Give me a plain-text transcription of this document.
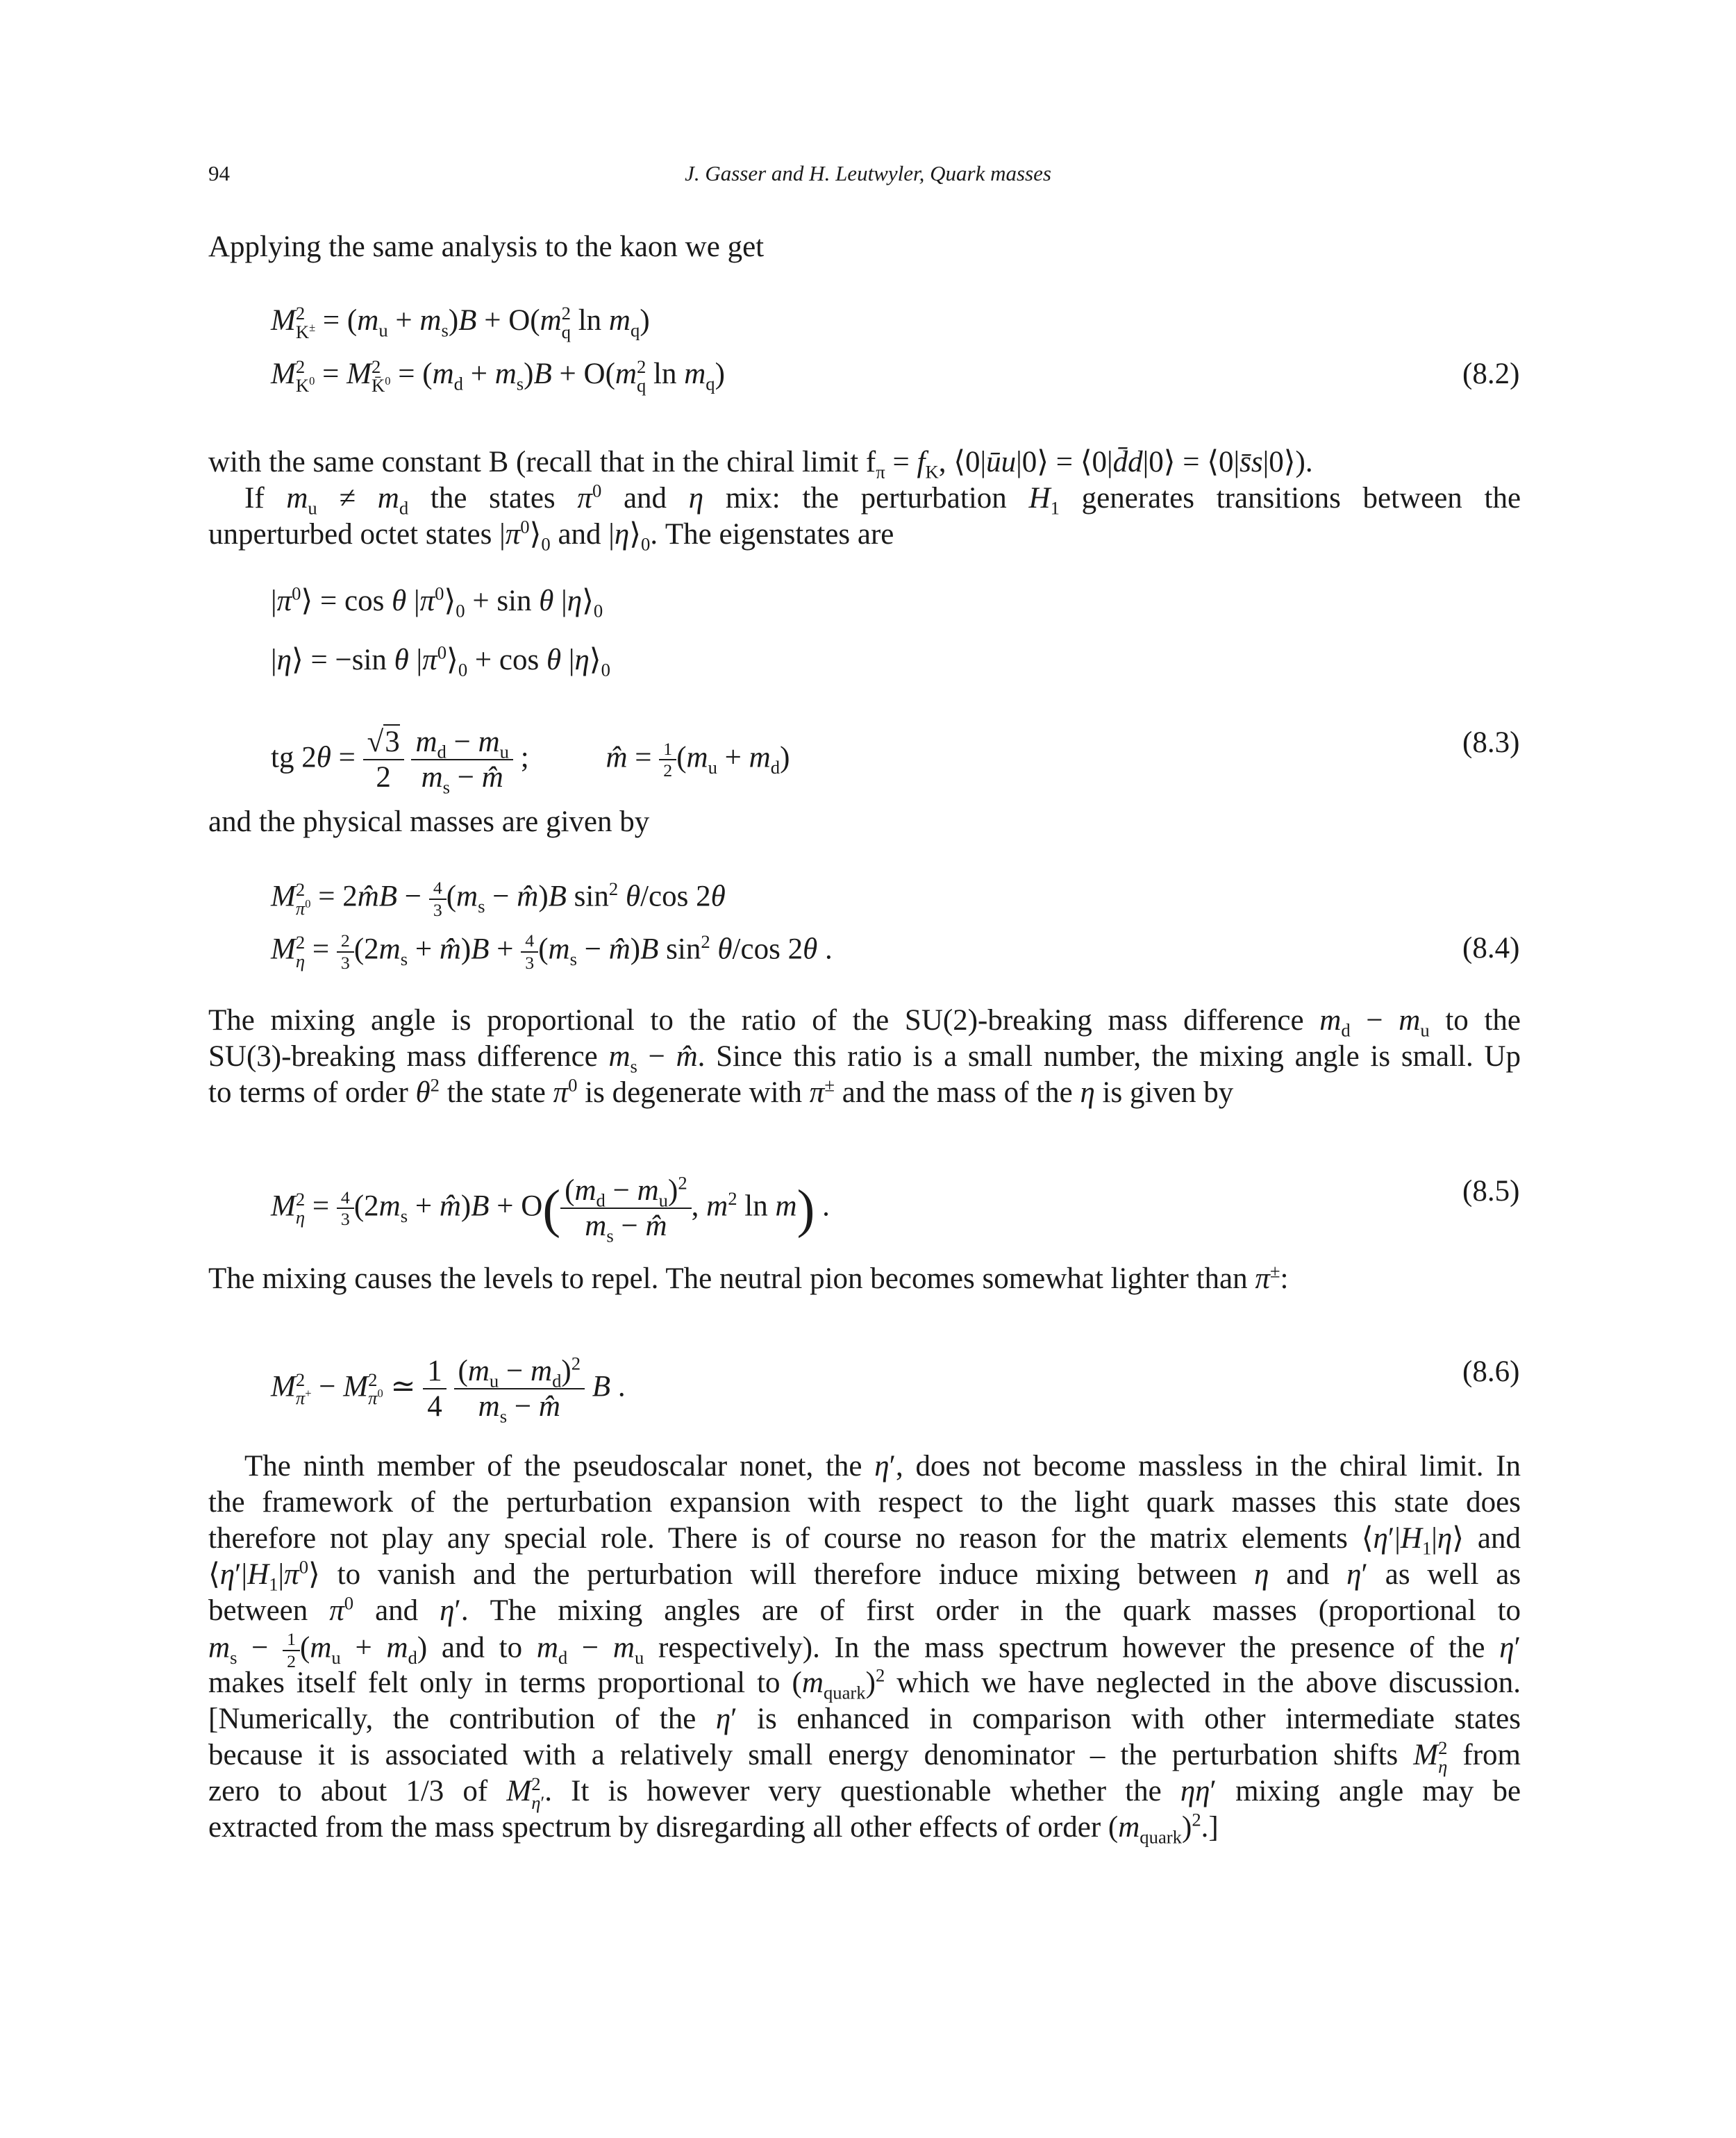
94	J. Gasser and H. Leutwyler, Quark masses
Applying the same analysis to the kaon we get
M 2
$K^\pm = (m_u + m_s)B + O(m$ 2
q $\ln m_q$)
M 2
$K^0 = M$ 2
K̄$^0$ = $(m_d + m_s)B + O(m$ 2
q $\ln m_q$)	(8.2)
with the same constant B (recall that in the chiral limit $f_\pi = f_K$, ⟨0|ūu|0⟩ = ⟨0|d̄d|0⟩ = ⟨0|s̄s|0⟩).
If $m_u \ne m_d$ the states $\pi^0$ and η mix: the perturbation $H_1$ generates transitions between the
unperturbed octet states $|\pi^0⟩_0$ and $|\eta⟩_0$. The eigenstates are
$|\pi^0⟩ = \cos \theta$ $|\pi^0⟩_0 + \sin \theta$ $|\eta⟩_0$
|η⟩ = −sin θ $|\pi^0⟩_0 + \cos \theta$ $|\eta⟩_0$
tg $2\theta = \frac{√3}{2}$
$\frac{m_d - m_u}{m_s - m̂}$ ; m̂ = $\frac{1}{2} (m_u + m_d)$	(8.3)
and the physical masses are given by
M 2
$\pi^0$ = 2m̂B − $\frac{4}{3} (m_s$ − m̂)B $\sin^2 \theta/\cos$ 2θ
M 2
$\eta = \frac{2}{3} (2m_s$ + m̂)B + $\frac{4}{3} (m_s$ − m̂)B $\sin^2 \theta/\cos$ 2θ .	(8.4)
The mixing angle is proportional to the ratio of the SU(2)-breaking mass difference $m_d - m_u$ to the
SU(3)-breaking mass difference $m_s$ − m̂. Since this ratio is a small number, the mixing angle is small. Up
to terms of order $\theta^2$ the state $\pi^0$ is degenerate with π± and the mass of the η is given by
M 2
$\eta = \frac{4}{3} (2m_s$ + m̂)B + $O( \frac{(m_d - m_u)^2}{m_s - m̂}$ , $m^2$ ln m) .	(8.5)
The mixing causes the levels to repel. The neutral pion becomes somewhat lighter than π±:
M 2
π+ − M 2
$\pi^0$ ≃ $\frac{1}{4}$
$\frac{(m_u - m_d)^2}{m_s - m̂}$ B .	(8.6)
The ninth member of the pseudoscalar nonet, the η′, does not become massless in the chiral limit. In
the framework of the perturbation expansion with respect to the light quark masses this state does
therefore not play any special role. There is of course no reason for the matrix elements $⟨\eta'|H_1|\eta⟩$ and
$⟨\eta'|H_1|\pi^0⟩$ to vanish and the perturbation will therefore induce mixing between η and η′ as well as
between $\pi^0$ and η′. The mixing angles are of first order in the quark masses (proportional to
$m_s - \frac{1}{2} (m_u + m_d)$ and to $m_d - m_u$ respectively). In the mass spectrum however the presence of the η′
makes itself felt only in terms proportional to $(m_{quark})^2$ which we have neglected in the above discussion.
[Numerically, the contribution of the η′ is enhanced in comparison with other intermediate states
because it is associated with a relatively small energy denominator – the perturbation shifts M 2
η from
zero to about 1/3 of M 2
η′ . It is however very questionable whether the ηη′ mixing angle may be
extracted from the mass spectrum by disregarding all other effects of order $(m_{quark})^2$.]
